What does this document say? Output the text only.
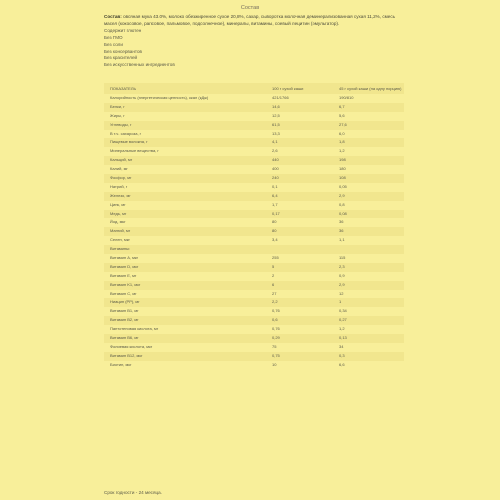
Состав
Состав: овсяная мука 43.0%, молоко обезжиренное сухое 20,8%, сахар, сыворотка молочная деминерализованная сухая 11,2%, смесь масел (кокосовое, рапсовое, пальмовое, подсолнечное), минералы, витамины, соевый лецитин (эмульгатор).
Содержит глютен
Без ГМО
Без соли
Без консервантов
Без красителей
Без искусственных ингредиентов
ПОКАЗАТЕЛЬ	100 г сухой каши	45 г сухой каши (на одну порцию)
Калорийность (энергетическая ценность), ккал (кДж)	421/1766	190/810
Белки, г	14,6	6,7
Жиры, г	12,5	5,6
Углеводы, г	61,5	27,6
В т.ч. сахароза, г	13,3	6,0
Пищевые волокна, г	4,1	1,8
Минеральные вещества, г	2,6	1,2
Кальций, мг	440	198
Калий, мг	400	180
Фосфор, мг	240	108
Натрий, г	0,1	0,05
Железо, мг	6,4	2,9
Цинк, мг	1,7	0,8
Медь, мг	0,17	0,08
Йод, мкг	80	36
Магний, мг	80	36
Селен, мкг	3,4	1,1
Витамины:
Витамин A, мкг	255	115
Витамин D, мкг	5	2,3
Витамин E, мг	2	0,9
Витамин K1, мкг	6	2,9
Витамин C, мг	27	12
Ниацин (PP), мг	2,2	1
Витамин B1, мг	0,76	0,34
Витамин B2, мг	0,6	0,27
Пантотеновая кислота, мг	0,76	1,2
Витамин B6, мг	0,29	0,13
Фолиевая кислота, мкг	75	34
Витамин B12, мкг	0,75	0,3
Биотин, мкг	10	6,6
Срок годности - 24 месяца.
